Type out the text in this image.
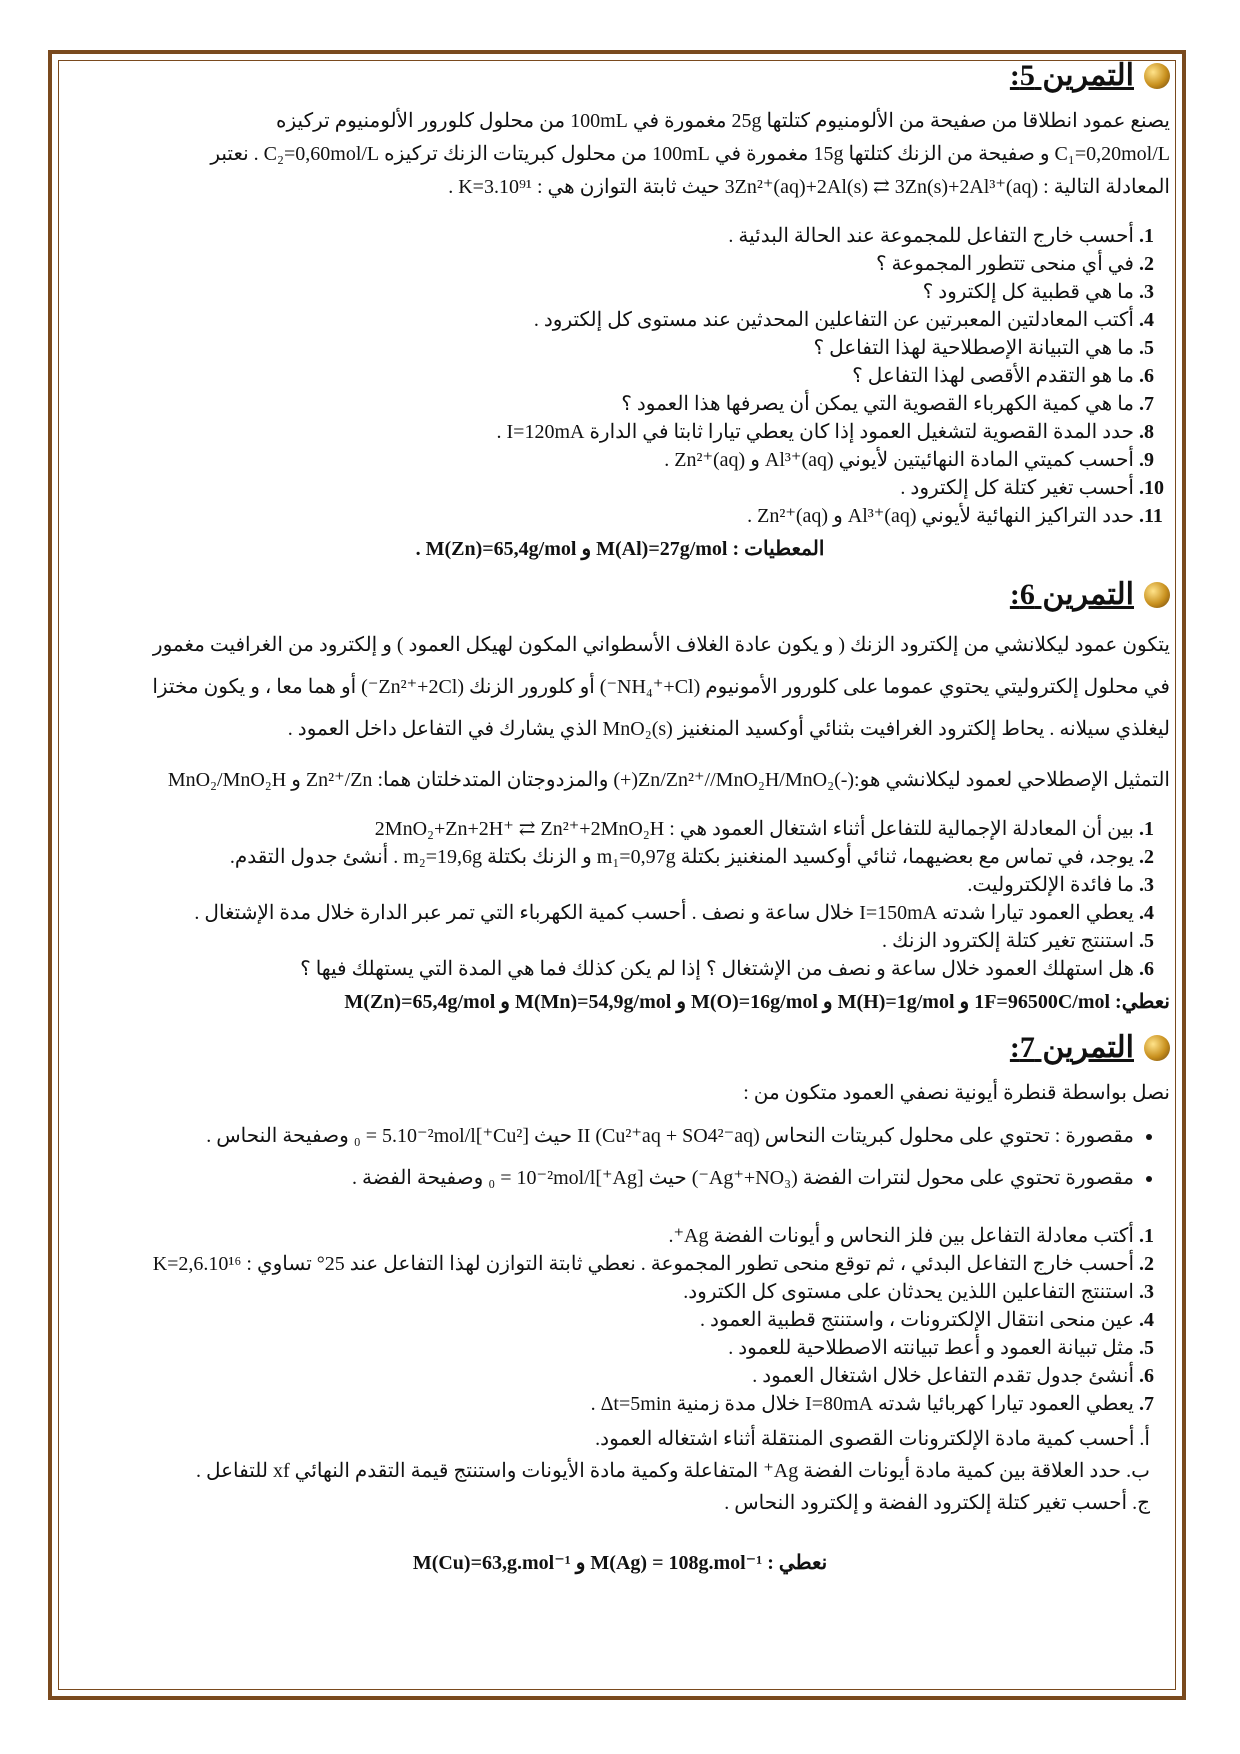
التمرين 5:

يصنع عمود انطلاقا من صفيحة من الألومنيوم كتلتها 25g مغمورة في 100mL من محلول كلورور الألومنيوم تركيزه

C₁=0,20mol/L و صفيحة من الزنك كتلتها 15g مغمورة في 100mL من محلول كبريتات الزنك تركيزه C₂=0,60mol/L . نعتبر

المعادلة التالية : 3Zn²⁺(aq)+2Al(s) ⇄ 3Zn(s)+2Al³⁺(aq) حيث ثابتة التوازن هي : K=3.10⁹¹ .

1. أحسب خارج التفاعل للمجموعة عند الحالة البدئية .
2. في أي منحى تتطور المجموعة ؟
3. ما هي قطبية كل إلكترود ؟
4. أكتب المعادلتين المعبرتين عن التفاعلين المحدثين عند مستوى كل إلكترود .
5. ما هي التبيانة الإصطلاحية لهذا التفاعل ؟
6. ما هو التقدم الأقصى لهذا التفاعل ؟
7. ما هي كمية الكهرباء القصوية التي يمكن أن يصرفها هذا العمود ؟
8. حدد المدة القصوية لتشغيل العمود إذا كان يعطي تيارا ثابتا في الدارة I=120mA .
9. أحسب كميتي المادة النهائيتين لأيوني Al³⁺(aq) و Zn²⁺(aq) .
10. أحسب تغير كتلة كل إلكترود .
11. حدد التراكيز النهائية لأيوني Al³⁺(aq) و Zn²⁺(aq) .
المعطيات : M(Al)=27g/mol و M(Zn)=65,4g/mol .
التمرين 6:

يتكون عمود ليكلانشي من إلكترود الزنك ( و يكون عادة الغلاف الأسطواني المكون لهيكل العمود ) و إلكترود من الغرافيت مغمور

في محلول إلكتروليتي يحتوي عموما على كلورور الأمونيوم (NH₄⁺+Cl⁻) أو كلورور الزنك (Zn²⁺+2Cl⁻) أو هما معا ، و يكون مختزا

ليغلذي سيلانه . يحاط إلكترود الغرافيت بثنائي أوكسيد المنغنيز MnO₂(s) الذي يشارك في التفاعل داخل العمود .

التمثيل الإصطلاحي لعمود ليكلانشي هو:(-)Zn/Zn²⁺//MnO₂H/MnO₂(+) والمزدوجتان المتدخلتان هما: Zn²⁺/Zn و MnO₂/MnO₂H

1. بين أن المعادلة الإجمالية للتفاعل أثناء اشتغال العمود هي : 2MnO₂+Zn+2H⁺ ⇄ Zn²⁺+2MnO₂H
2. يوجد، في تماس مع بعضيهما، ثنائي أوكسيد المنغنيز بكتلة m₁=0,97g و الزنك بكتلة m₂=19,6g . أنشئ جدول التقدم.
3. ما فائدة الإلكتروليت.
4. يعطي العمود تيارا شدته I=150mA خلال ساعة و نصف . أحسب كمية الكهرباء التي تمر عبر الدارة خلال مدة الإشتغال .
5. استنتج تغير كتلة إلكترود الزنك .
6. هل استهلك العمود خلال ساعة و نصف من الإشتغال ؟ إذا لم يكن كذلك فما هي المدة التي يستهلك فيها ؟
نعطي: 1F=96500C/mol و M(H)=1g/mol و M(O)=16g/mol و M(Mn)=54,9g/mol و M(Zn)=65,4g/mol
التمرين 7:

نصل بواسطة قنطرة أيونية نصفي العمود متكون من :

• مقصورة : تحتوي على محلول كبريتات النحاس II (Cu²⁺aq + SO4²⁻aq) حيث [Cu²⁺]₀ = 5.10⁻²mol/l وصفيحة النحاس .
• مقصورة تحتوي على محول لنترات الفضة (Ag⁺+NO₃⁻) حيث [Ag⁺]₀ = 10⁻²mol/l وصفيحة الفضة .
1. أكتب معادلة التفاعل بين فلز النحاس و أيونات الفضة Ag⁺.
2. أحسب خارج التفاعل البدئي ، ثم توقع منحى تطور المجموعة . نعطي ثابتة التوازن لهذا التفاعل عند 25° تساوي : K=2,6.10¹⁶
3. استنتج التفاعلين اللذين يحدثان على مستوى كل الكترود.
4. عين منحى انتقال الإلكترونات ، واستنتج قطبية العمود .
5. مثل تبيانة العمود و أعط تبيانته الاصطلاحية للعمود .
6. أنشئ جدول تقدم التفاعل خلال اشتغال العمود .
7. يعطي العمود تيارا كهربائيا شدته I=80mA خلال مدة زمنية Δt=5min .
أ. أحسب كمية مادة الإلكترونات القصوى المنتقلة أثناء اشتغاله العمود.
ب. حدد العلاقة بين كمية مادة أيونات الفضة Ag⁺ المتفاعلة وكمية مادة الأيونات واستنتج قيمة التقدم النهائي xf للتفاعل .
ج. أحسب تغير كتلة إلكترود الفضة و إلكترود النحاس .
نعطي : M(Ag) = 108g.mol⁻¹ و M(Cu)=63,g.mol⁻¹
